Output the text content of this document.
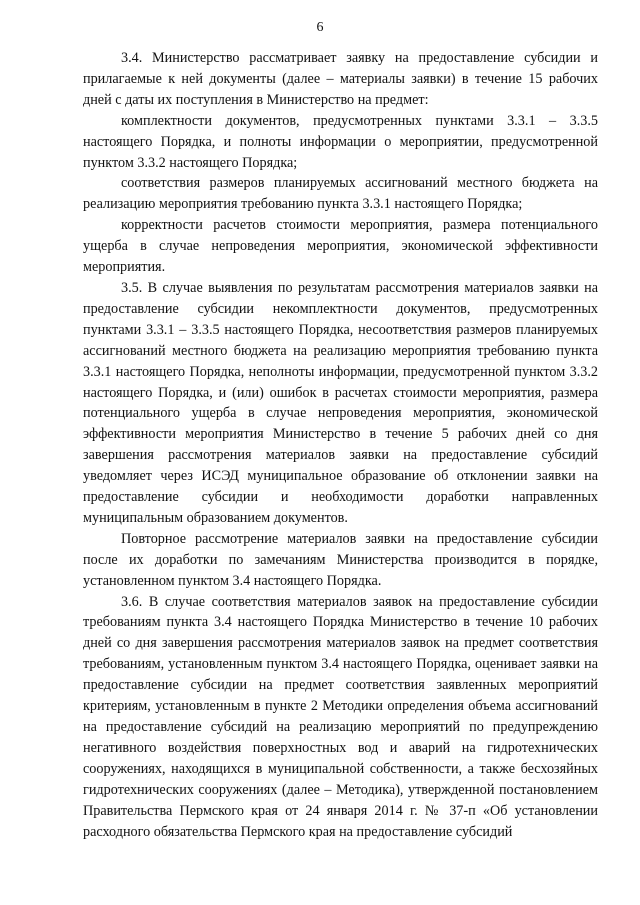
6

3.4. Министерство рассматривает заявку на предоставление субсидии и прилагаемые к ней документы (далее – материалы заявки) в течение 15 рабочих дней с даты их поступления в Министерство на предмет:

комплектности документов, предусмотренных пунктами 3.3.1 – 3.3.5 настоящего Порядка, и полноты информации о мероприятии, предусмотренной пунктом 3.3.2 настоящего Порядка;

соответствия размеров планируемых ассигнований местного бюджета на реализацию мероприятия требованию пункта 3.3.1 настоящего Порядка;

корректности расчетов стоимости мероприятия, размера потенциального ущерба в случае непроведения мероприятия, экономической эффективности мероприятия.

3.5. В случае выявления по результатам рассмотрения материалов заявки на предоставление субсидии некомплектности документов, предусмотренных пунктами 3.3.1 – 3.3.5 настоящего Порядка, несоответствия размеров планируемых ассигнований местного бюджета на реализацию мероприятия требованию пункта 3.3.1 настоящего Порядка, неполноты информации, предусмотренной пунктом 3.3.2 настоящего Порядка, и (или) ошибок в расчетах стоимости мероприятия, размера потенциального ущерба в случае непроведения мероприятия, экономической эффективности мероприятия Министерство в течение 5 рабочих дней со дня завершения рассмотрения материалов заявки на предоставление субсидий уведомляет через ИСЭД муниципальное образование об отклонении заявки на предоставление субсидии и необходимости доработки направленных муниципальным образованием документов.

Повторное рассмотрение материалов заявки на предоставление субсидии после их доработки по замечаниям Министерства производится в порядке, установленном пунктом 3.4 настоящего Порядка.

3.6. В случае соответствия материалов заявок на предоставление субсидии требованиям пункта 3.4 настоящего Порядка Министерство в течение 10 рабочих дней со дня завершения рассмотрения материалов заявок на предмет соответствия требованиям, установленным пунктом 3.4 настоящего Порядка, оценивает заявки на предоставление субсидии на предмет соответствия заявленных мероприятий критериям, установленным в пункте 2 Методики определения объема ассигнований на предоставление субсидий на реализацию мероприятий по предупреждению негативного воздействия поверхностных вод и аварий на гидротехнических сооружениях, находящихся в муниципальной собственности, а также бесхозяйных гидротехнических сооружениях (далее – Методика), утвержденной постановлением Правительства Пермского края от 24 января 2014 г. № 37-п «Об установлении расходного обязательства Пермского края на предоставление субсидий
